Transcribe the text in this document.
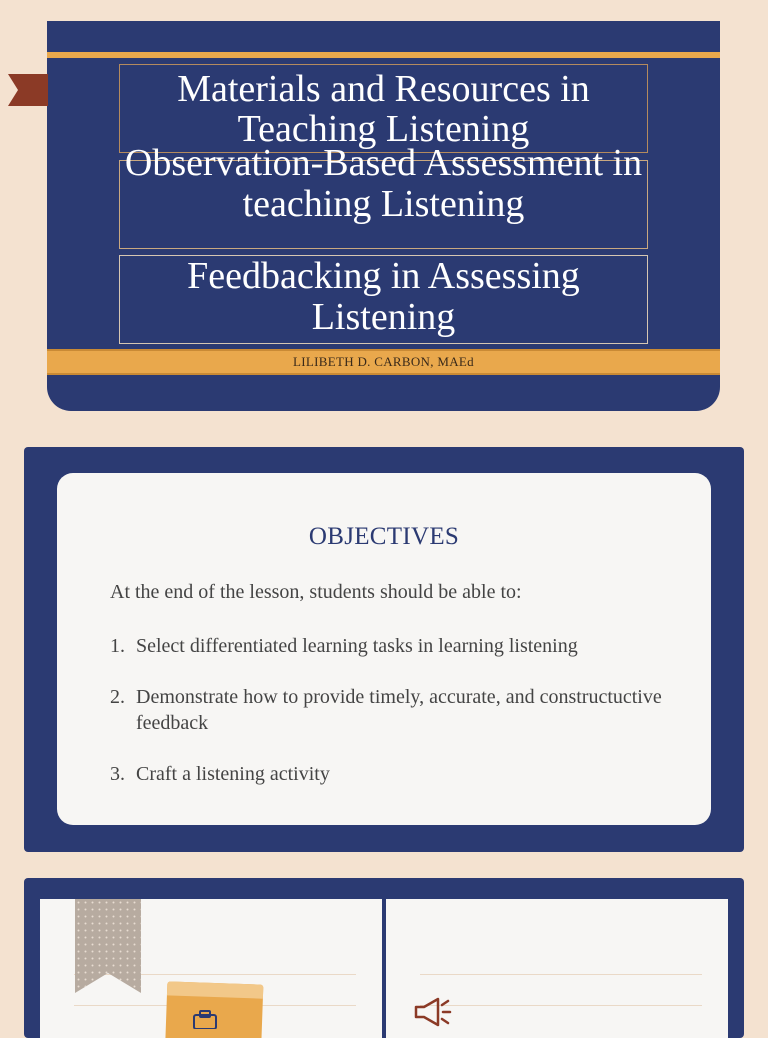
Materials and Resources in Teaching Listening
Observation-Based Assessment in teaching Listening
Feedbacking in Assessing Listening
LILIBETH D. CARBON, MAEd
OBJECTIVES
At the end of the lesson, students should be able to:
1. Select differentiated learning tasks in learning listening
2. Demonstrate how to provide timely, accurate, and constructuctive feedback
3. Craft a listening activity
